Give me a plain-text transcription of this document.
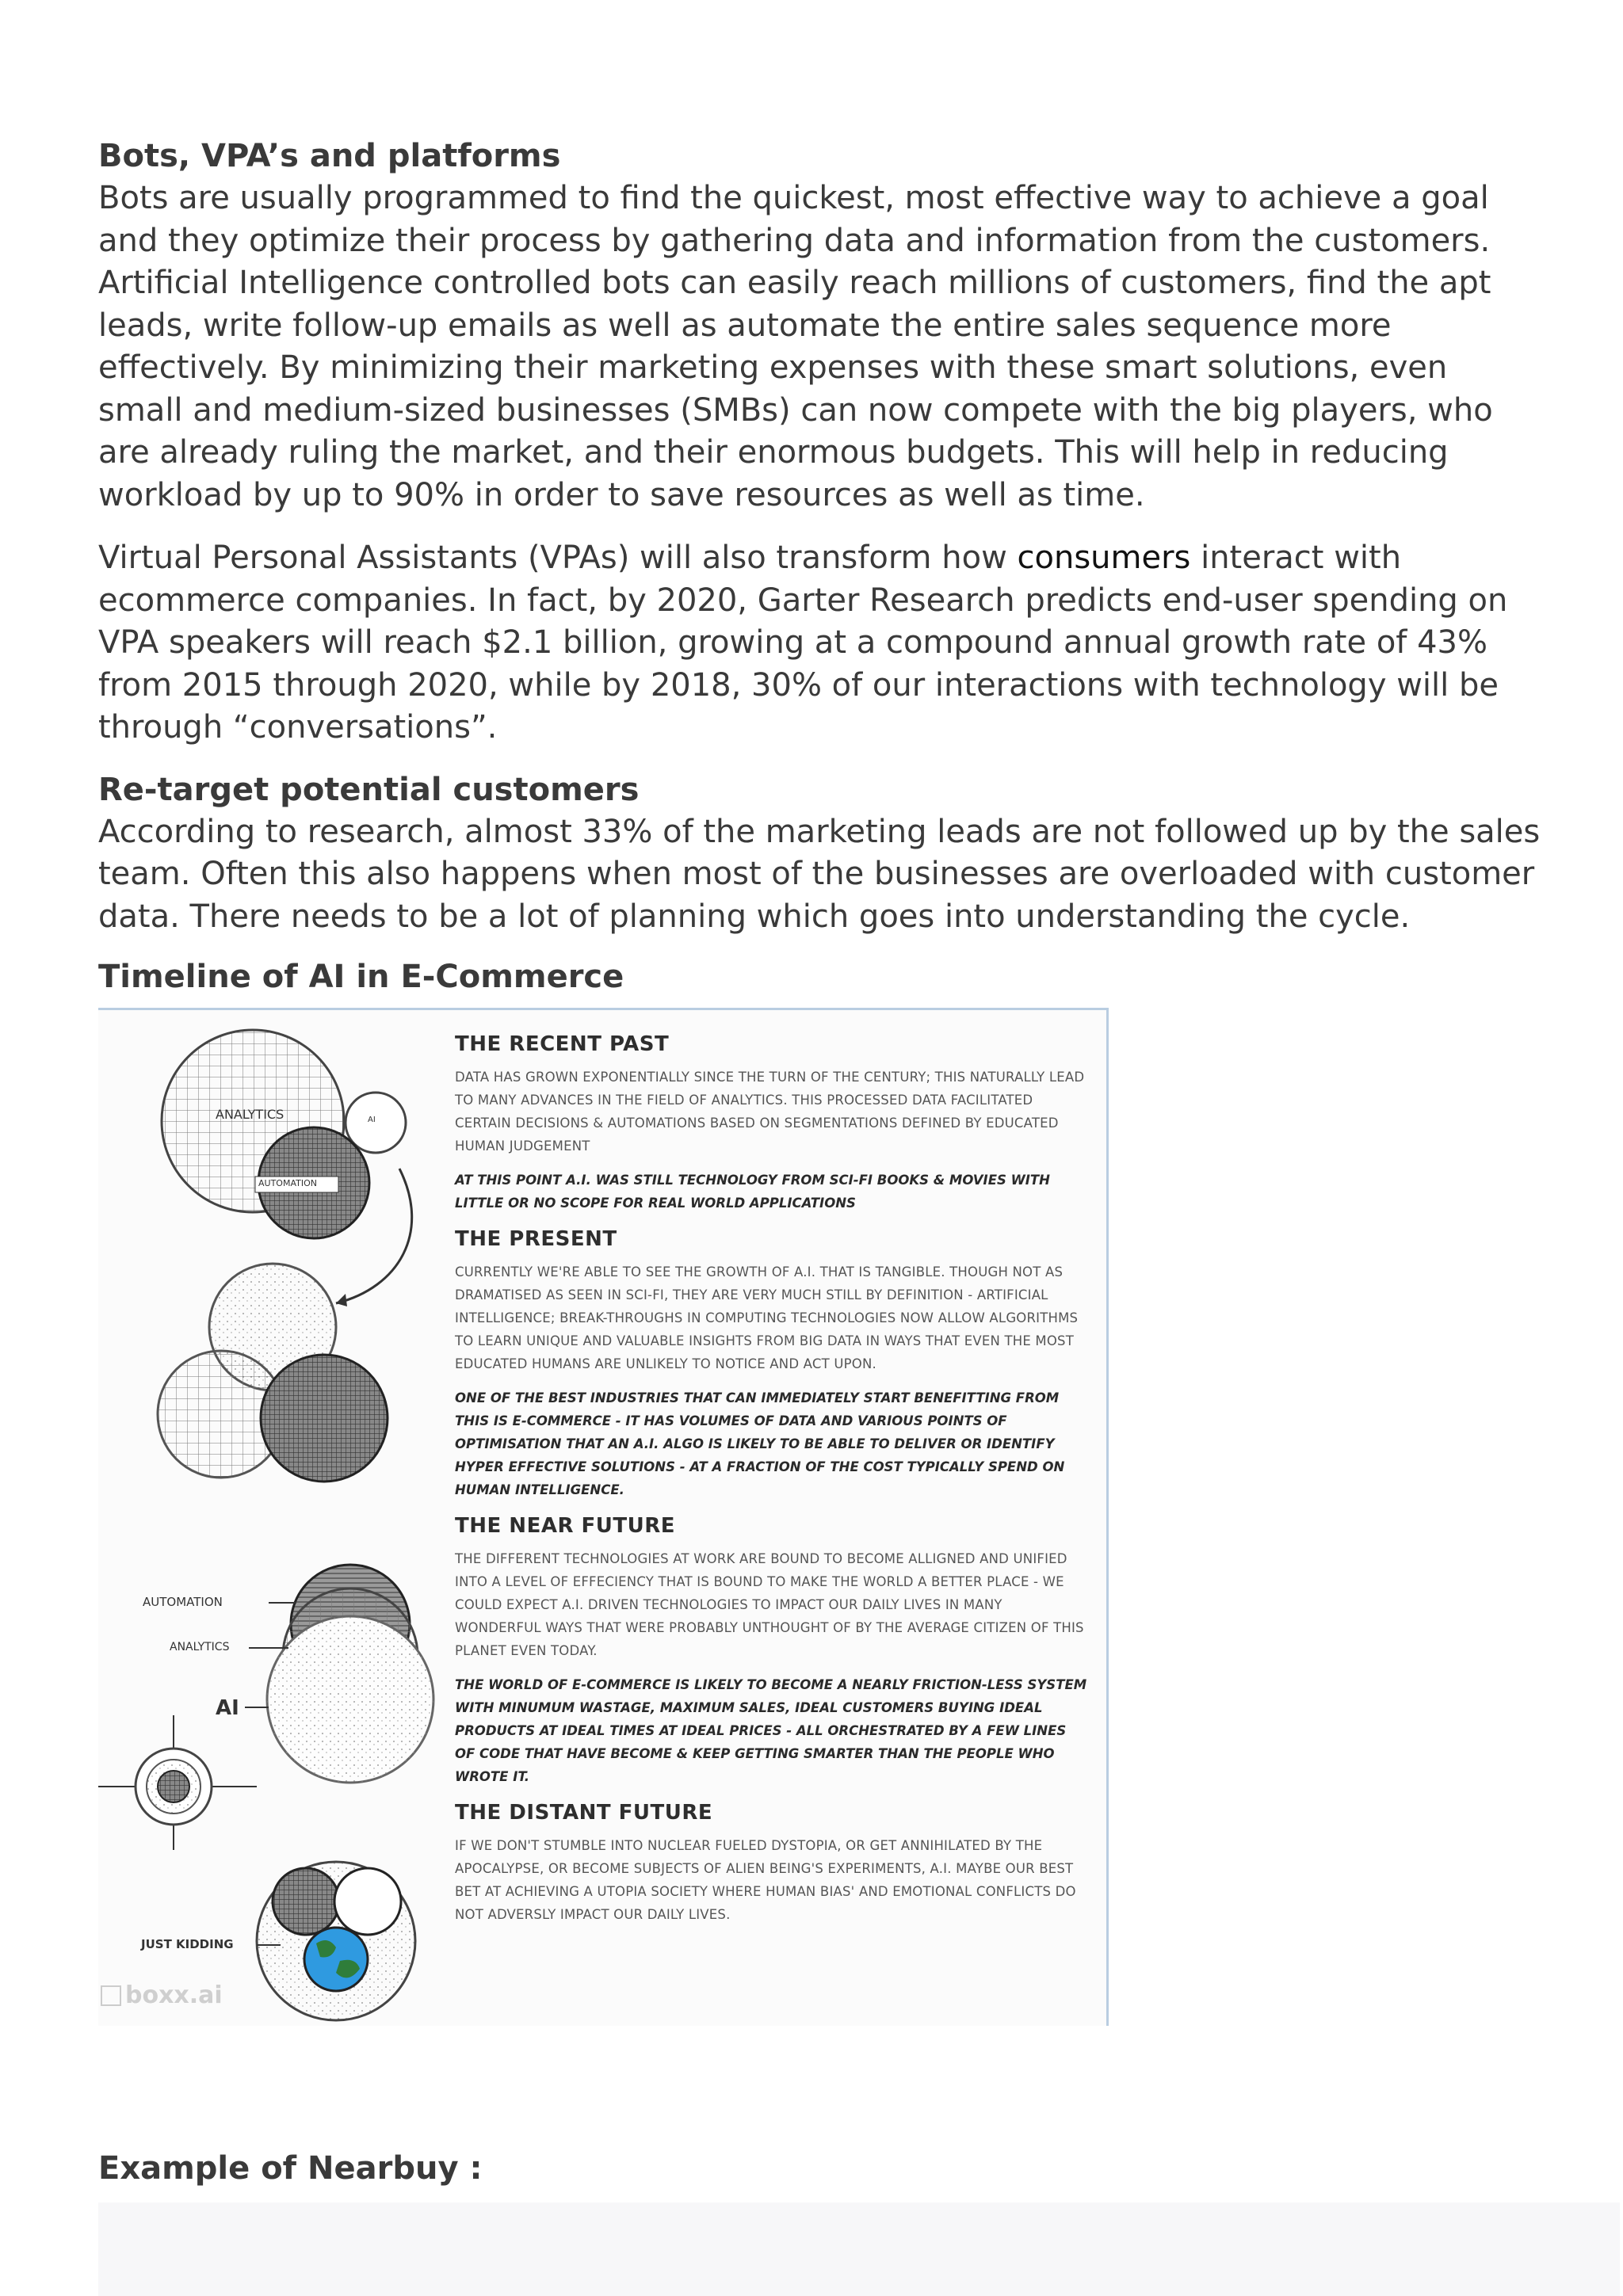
Bots, VPA’s and platforms

Bots are usually programmed to find the quickest, most effective way to achieve a goal and they optimize their process by gathering data and information from the customers. Artificial Intelligence controlled bots can easily reach millions of customers, find the apt leads, write follow-up emails as well as automate the entire sales sequence more effectively. By minimizing their marketing expenses with these smart solutions, even small and medium-sized businesses (SMBs) can now compete with the big players, who are already ruling the market, and their enormous budgets. This will help in reducing workload by up to 90% in order to save resources as well as time.

Virtual Personal Assistants (VPAs) will also transform how consumers interact with ecommerce companies. In fact, by 2020, Garter Research predicts end-user spending on VPA speakers will reach $2.1 billion, growing at a compound annual growth rate of 43% from 2015 through 2020, while by 2018, 30% of our interactions with technology will be through “conversations”.

Re-target potential customers

According to research, almost 33% of the marketing leads are not followed up by the sales team. Often this also happens when most of the businesses are overloaded with customer data. There needs to be a lot of planning which goes into understanding the cycle.

Timeline of AI in E-Commerce
ANALYTICS	AI
AUTOMATION
AUTOMATION
ANALYTICS
AI
JUST KIDDING
boxx.ai
THE RECENT PAST

DATA HAS GROWN EXPONENTIALLY SINCE THE TURN OF THE CENTURY; THIS NATURALLY LEAD TO MANY ADVANCES IN THE FIELD OF ANALYTICS. THIS PROCESSED DATA FACILITATED CERTAIN DECISIONS & AUTOMATIONS BASED ON SEGMENTATIONS DEFINED BY EDUCATED HUMAN JUDGEMENT

AT THIS POINT A.I. WAS STILL TECHNOLOGY FROM SCI-FI BOOKS & MOVIES WITH LITTLE OR NO SCOPE FOR REAL WORLD APPLICATIONS

THE PRESENT

CURRENTLY WE'RE ABLE TO SEE THE GROWTH OF A.I. THAT IS TANGIBLE. THOUGH NOT AS DRAMATISED AS SEEN IN SCI-FI, THEY ARE VERY MUCH STILL BY DEFINITION - ARTIFICIAL INTELLIGENCE; BREAK-THROUGHS IN COMPUTING TECHNOLOGIES NOW ALLOW ALGORITHMS TO LEARN UNIQUE AND VALUABLE INSIGHTS FROM BIG DATA IN WAYS THAT EVEN THE MOST EDUCATED HUMANS ARE UNLIKELY TO NOTICE AND ACT UPON.

ONE OF THE BEST INDUSTRIES THAT CAN IMMEDIATELY START BENEFITTING FROM THIS IS E-COMMERCE - IT HAS VOLUMES OF DATA AND VARIOUS POINTS OF OPTIMISATION THAT AN A.I. ALGO IS LIKELY TO BE ABLE TO DELIVER OR IDENTIFY HYPER EFFECTIVE SOLUTIONS - AT A FRACTION OF THE COST TYPICALLY SPEND ON HUMAN INTELLIGENCE.

THE NEAR FUTURE

THE DIFFERENT TECHNOLOGIES AT WORK ARE BOUND TO BECOME ALLIGNED AND UNIFIED INTO A LEVEL OF EFFECIENCY THAT IS BOUND TO MAKE THE WORLD A BETTER PLACE - WE COULD EXPECT A.I. DRIVEN TECHNOLOGIES TO IMPACT OUR DAILY LIVES IN MANY WONDERFUL WAYS THAT WERE PROBABLY UNTHOUGHT OF BY THE AVERAGE CITIZEN OF THIS PLANET EVEN TODAY.

THE WORLD OF E-COMMERCE IS LIKELY TO BECOME A NEARLY FRICTION-LESS SYSTEM WITH MINUMUM WASTAGE, MAXIMUM SALES, IDEAL CUSTOMERS BUYING IDEAL PRODUCTS AT IDEAL TIMES AT IDEAL PRICES - ALL ORCHESTRATED BY A FEW LINES OF CODE THAT HAVE BECOME & KEEP GETTING SMARTER THAN THE PEOPLE WHO WROTE IT.

THE DISTANT FUTURE

IF WE DON'T STUMBLE INTO NUCLEAR FUELED DYSTOPIA, OR GET ANNIHILATED BY THE APOCALYPSE, OR BECOME SUBJECTS OF ALIEN BEING'S EXPERIMENTS, A.I. MAYBE OUR BEST BET AT ACHIEVING A UTOPIA SOCIETY WHERE HUMAN BIAS' AND EMOTIONAL CONFLICTS DO NOT ADVERSLY IMPACT OUR DAILY LIVES.

Example of Nearbuy :
